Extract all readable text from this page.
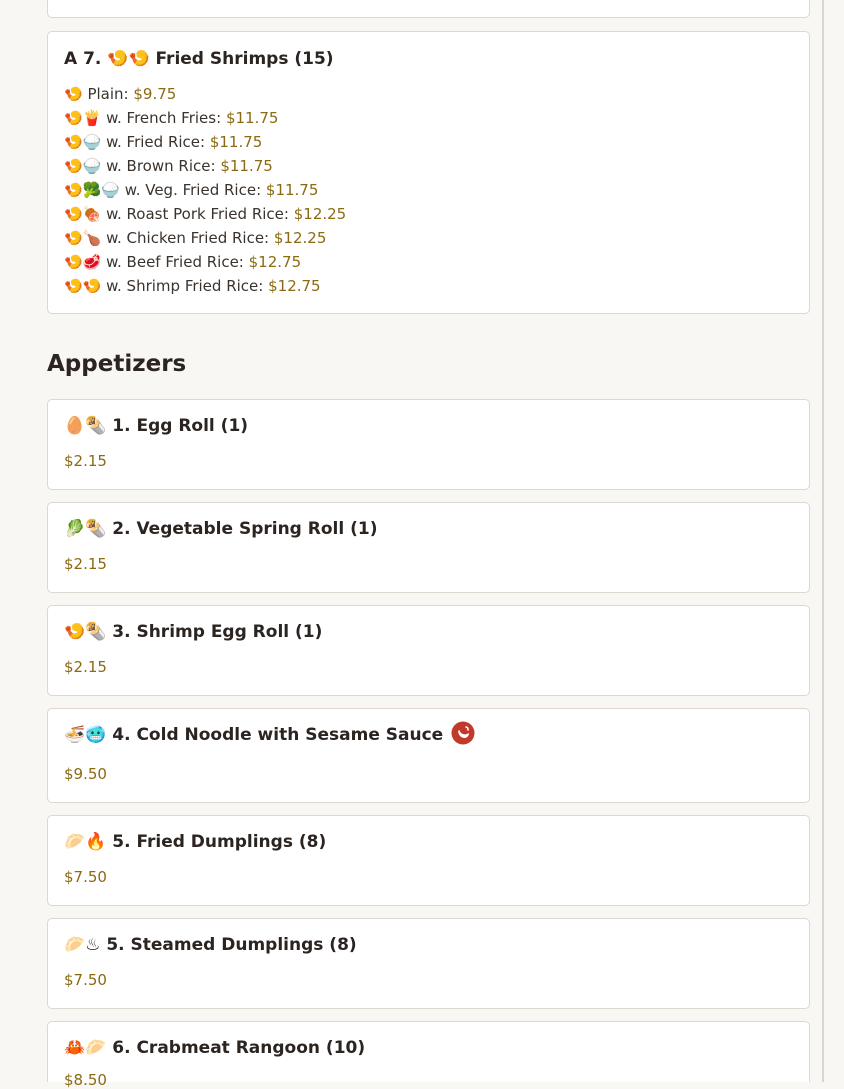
A 7. 🍤🍤 Fried Shrimps (15)
🍤 Plain: $9.75
🍤🍟 w. French Fries: $11.75
🍤🍚 w. Fried Rice: $11.75
🍤🍚 w. Brown Rice: $11.75
🍤🥦🍚 w. Veg. Fried Rice: $11.75
🍤🍖 w. Roast Pork Fried Rice: $12.25
🍤🍗 w. Chicken Fried Rice: $12.25
🍤🥩 w. Beef Fried Rice: $12.75
🍤🍤 w. Shrimp Fried Rice: $12.75
Appetizers
🥚🌯 1. Egg Roll (1)
$2.15
🥬🌯 2. Vegetable Spring Roll (1)
$2.15
🍤🌯 3. Shrimp Egg Roll (1)
$2.15
🍜🥶 4. Cold Noodle with Sesame Sauce
$9.50
🥟🔥 5. Fried Dumplings (8)
$7.50
🥟♨ 5. Steamed Dumplings (8)
$7.50
🦀🥟 6. Crabmeat Rangoon (10)
$8.50
